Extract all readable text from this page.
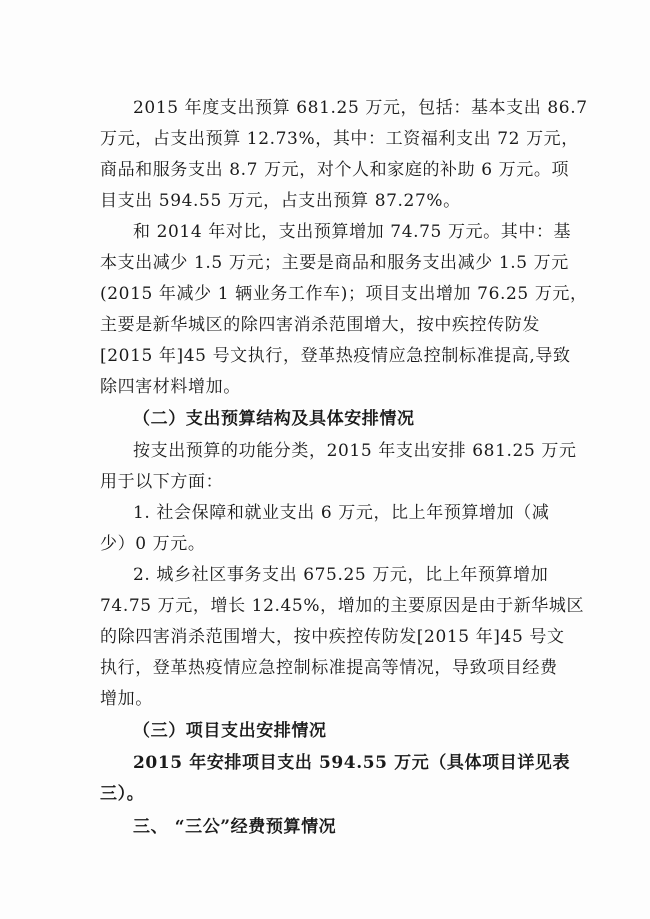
2015 年度支出预算 681.25 万元，包括：基本支出 86.7
万元，占支出预算 12.73%，其中：工资福利支出 72 万元，
商品和服务支出 8.7 万元，对个人和家庭的补助 6 万元。项
目支出 594.55 万元，占支出预算 87.27%。
和 2014 年对比，支出预算增加 74.75 万元。其中：基
本支出减少 1.5 万元；主要是商品和服务支出减少 1.5 万元
(2015 年减少 1 辆业务工作车)；项目支出增加 76.25 万元，
主要是新华城区的除四害消杀范围增大，按中疾控传防发
[2015 年]45 号文执行，登革热疫情应急控制标准提高,导致
除四害材料增加。
（二）支出预算结构及具体安排情况
按支出预算的功能分类，2015 年支出安排 681.25 万元
用于以下方面：
1. 社会保障和就业支出 6 万元，比上年预算增加（减
少）0 万元。
2. 城乡社区事务支出 675.25 万元，比上年预算增加
74.75 万元，增长 12.45%，增加的主要原因是由于新华城区
的除四害消杀范围增大，按中疾控传防发[2015 年]45 号文
执行，登革热疫情应急控制标准提高等情况，导致项目经费
增加。
（三）项目支出安排情况
2015 年安排项目支出 594.55 万元（具体项目详见表
三）。
三、 “三公”经费预算情况
